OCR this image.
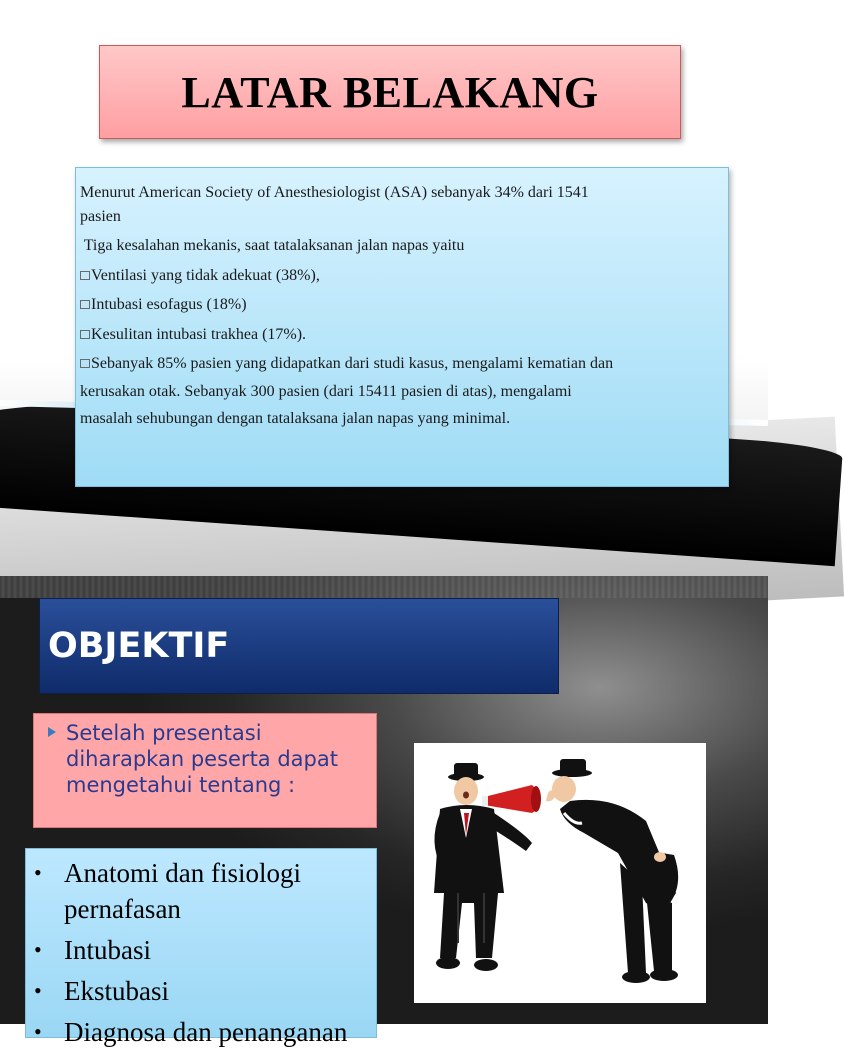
LATAR BELAKANG

Menurut American Society of Anesthesiologist (ASA) sebanyak 34% dari 1541

pasien

Tiga kesalahan mekanis, saat tatalaksanan jalan napas yaitu

Ventilasi yang tidak adekuat (38%),

Intubasi esofagus (18%)

Kesulitan intubasi trakhea (17%).

Sebanyak 85% pasien yang didapatkan dari studi kasus, mengalami kematian dan

kerusakan otak. Sebanyak 300 pasien (dari 15411 pasien di atas), mengalami

masalah sehubungan dengan tatalaksana jalan napas yang minimal.

OBJEKTIF
Setelah presentasi diharapkan peserta dapat mengetahui tentang :
• Anatomi dan fisiologi pernafasan
• Intubasi
• Ekstubasi
• Diagnosa dan penanganan
